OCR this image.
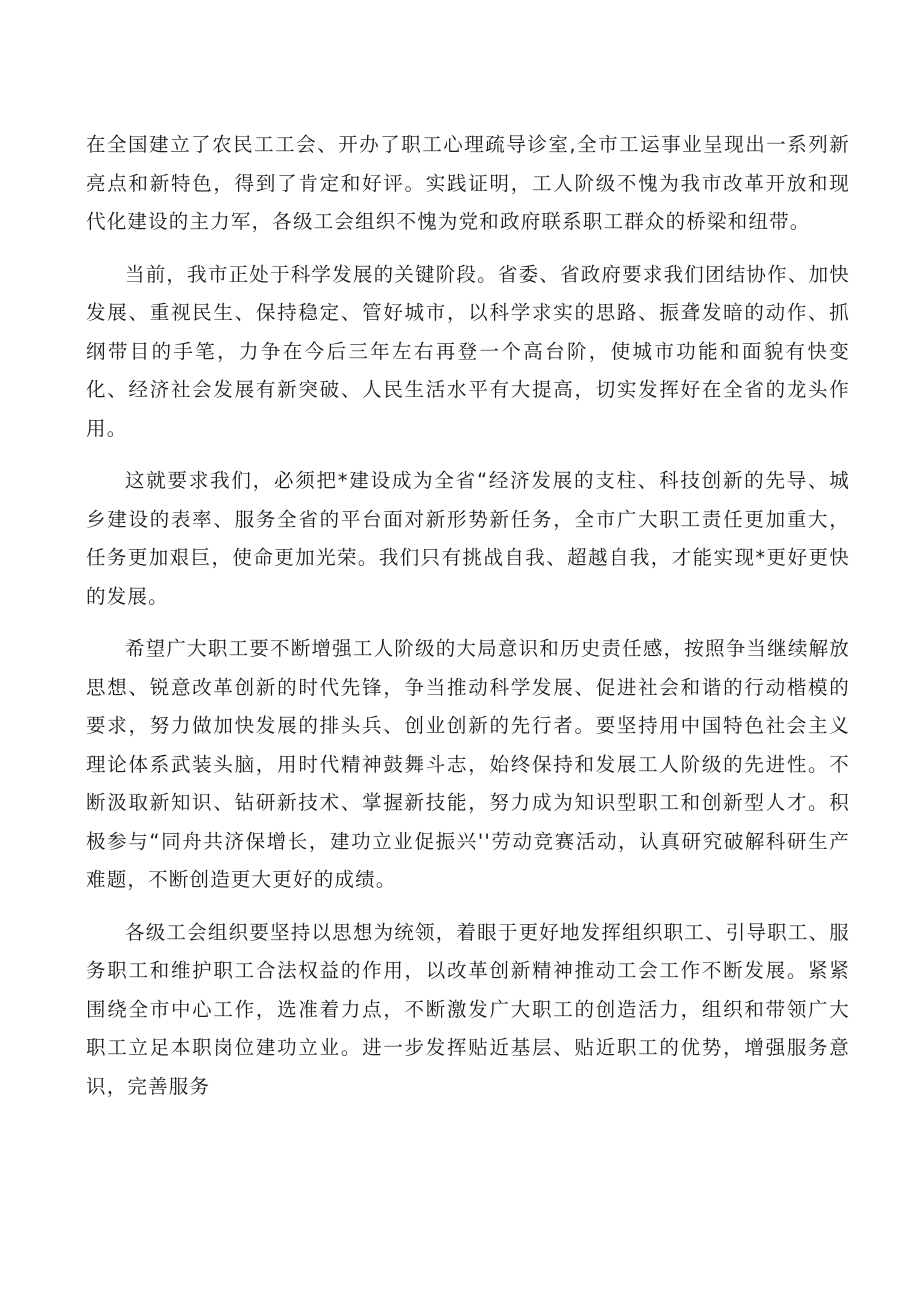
在全国建立了农民工工会、开办了职工心理疏导诊室,全市工运事业呈现出一系列新亮点和新特色，得到了肯定和好评。实践证明，工人阶级不愧为我市改革开放和现代化建设的主力军，各级工会组织不愧为党和政府联系职工群众的桥梁和纽带。

当前，我市正处于科学发展的关键阶段。省委、省政府要求我们团结协作、加快发展、重视民生、保持稳定、管好城市，以科学求实的思路、振聋发暗的动作、抓纲带目的手笔，力争在今后三年左右再登一个高台阶，使城市功能和面貌有快变化、经济社会发展有新突破、人民生活水平有大提高，切实发挥好在全省的龙头作用。

这就要求我们，必须把*建设成为全省“经济发展的支柱、科技创新的先导、城乡建设的表率、服务全省的平台面对新形势新任务，全市广大职工责任更加重大，任务更加艰巨，使命更加光荣。我们只有挑战自我、超越自我，才能实现*更好更快的发展。

希望广大职工要不断增强工人阶级的大局意识和历史责任感，按照争当继续解放思想、锐意改革创新的时代先锋，争当推动科学发展、促进社会和谐的行动楷模的要求，努力做加快发展的排头兵、创业创新的先行者。要坚持用中国特色社会主义理论体系武装头脑，用时代精神鼓舞斗志，始终保持和发展工人阶级的先进性。不断汲取新知识、钻研新技术、掌握新技能，努力成为知识型职工和创新型人才。积极参与“同舟共济保增长，建功立业促振兴''劳动竞赛活动，认真研究破解科研生产难题，不断创造更大更好的成绩。

各级工会组织要坚持以思想为统领，着眼于更好地发挥组织职工、引导职工、服务职工和维护职工合法权益的作用，以改革创新精神推动工会工作不断发展。紧紧围绕全市中心工作，选准着力点，不断激发广大职工的创造活力，组织和带领广大职工立足本职岗位建功立业。进一步发挥贴近基层、贴近职工的优势，增强服务意识，完善服务
